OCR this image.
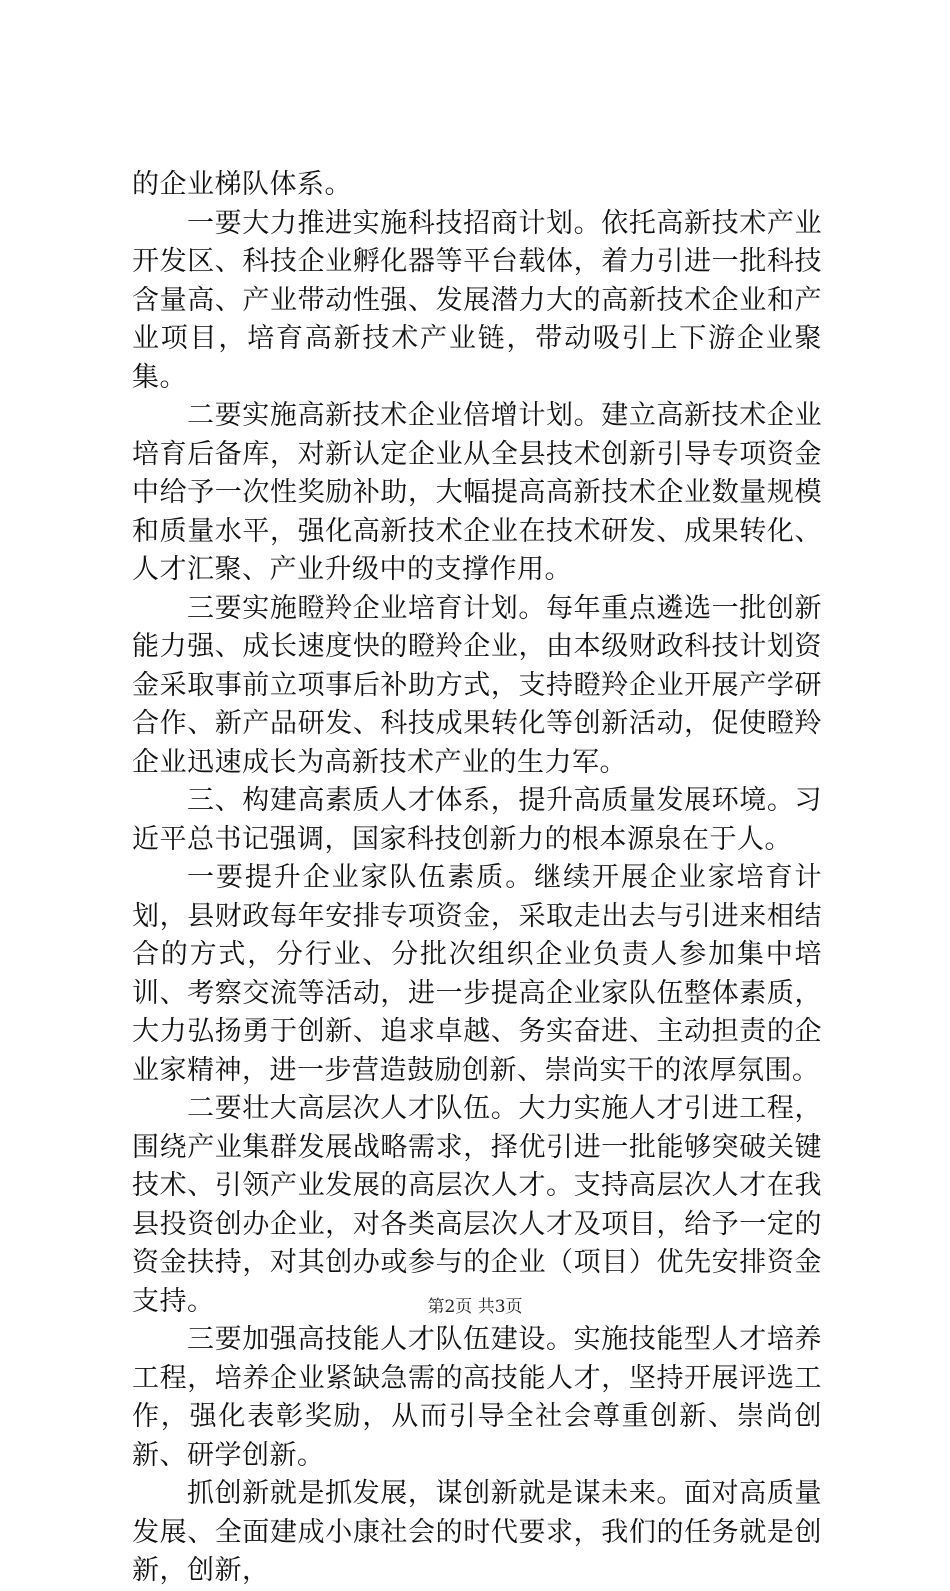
的企业梯队体系。

一要大力推进实施科技招商计划。依托高新技术产业开发区、科技企业孵化器等平台载体，着力引进一批科技含量高、产业带动性强、发展潜力大的高新技术企业和产业项目，培育高新技术产业链，带动吸引上下游企业聚集。

二要实施高新技术企业倍增计划。建立高新技术企业培育后备库，对新认定企业从全县技术创新引导专项资金中给予一次性奖励补助，大幅提高高新技术企业数量规模和质量水平，强化高新技术企业在技术研发、成果转化、人才汇聚、产业升级中的支撑作用。

三要实施瞪羚企业培育计划。每年重点遴选一批创新能力强、成长速度快的瞪羚企业，由本级财政科技计划资金采取事前立项事后补助方式，支持瞪羚企业开展产学研合作、新产品研发、科技成果转化等创新活动，促使瞪羚企业迅速成长为高新技术产业的生力军。

三、构建高素质人才体系，提升高质量发展环境。习近平总书记强调，国家科技创新力的根本源泉在于人。

一要提升企业家队伍素质。继续开展企业家培育计划，县财政每年安排专项资金，采取走出去与引进来相结合的方式，分行业、分批次组织企业负责人参加集中培训、考察交流等活动，进一步提高企业家队伍整体素质，大力弘扬勇于创新、追求卓越、务实奋进、主动担责的企业家精神，进一步营造鼓励创新、崇尚实干的浓厚氛围。

二要壮大高层次人才队伍。大力实施人才引进工程，围绕产业集群发展战略需求，择优引进一批能够突破关键技术、引领产业发展的高层次人才。支持高层次人才在我县投资创办企业，对各类高层次人才及项目，给予一定的资金扶持，对其创办或参与的企业（项目）优先安排资金支持。

三要加强高技能人才队伍建设。实施技能型人才培养工程，培养企业紧缺急需的高技能人才，坚持开展评选工作，强化表彰奖励，从而引导全社会尊重创新、崇尚创新、研学创新。

抓创新就是抓发展，谋创新就是谋未来。面对高质量发展、全面建成小康社会的时代要求，我们的任务就是创新，创新，

第2页 共3页
